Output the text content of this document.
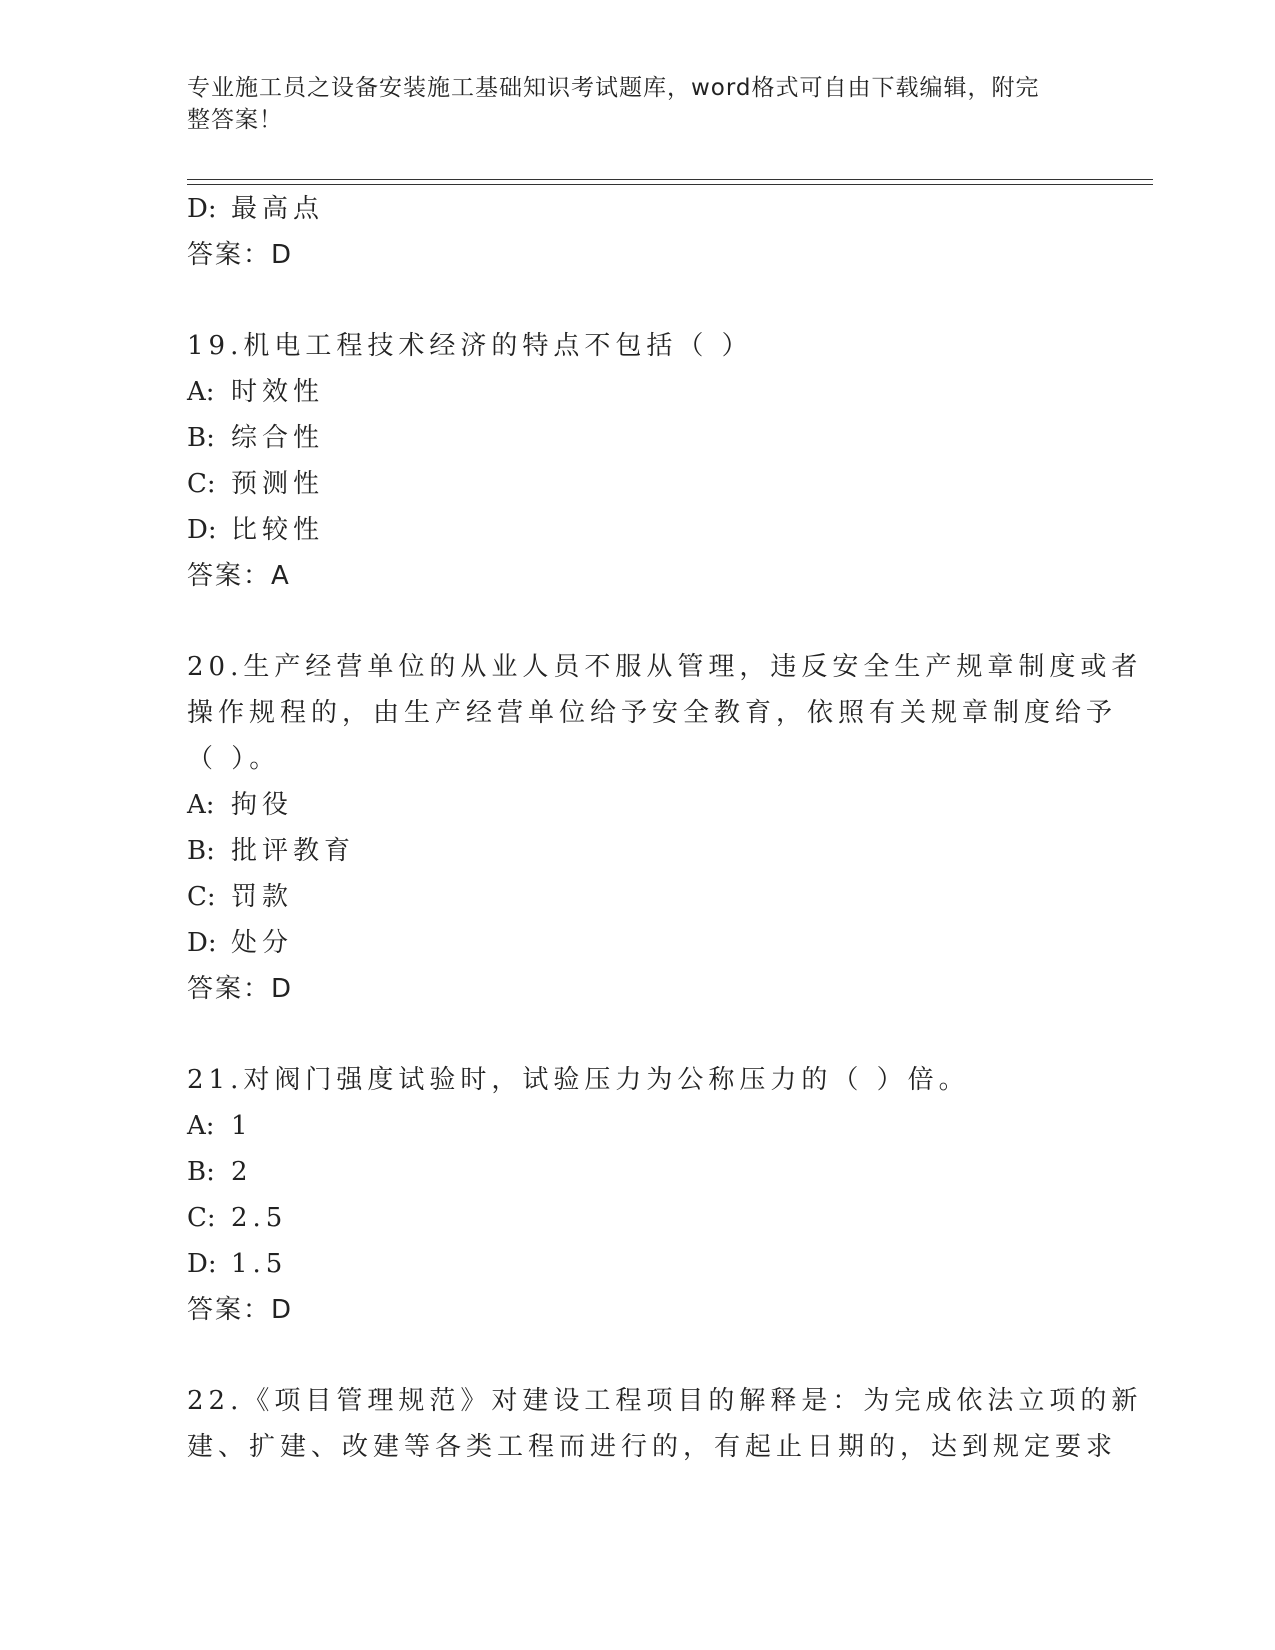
专业施工员之设备安装施工基础知识考试题库，word格式可自由下载编辑，附完
整答案！
D: 最高点
答案：D
19.机电工程技术经济的特点不包括（ ）
A: 时效性
B: 综合性
C: 预测性
D: 比较性
答案：A
20.生产经营单位的从业人员不服从管理，违反安全生产规章制度或者
操作规程的，由生产经营单位给予安全教育，依照有关规章制度给予
（ ）。
A: 拘役
B: 批评教育
C: 罚款
D: 处分
答案：D
21.对阀门强度试验时，试验压力为公称压力的（ ）倍。
A: 1
B: 2
C: 2.5
D: 1.5
答案：D
22.《项目管理规范》对建设工程项目的解释是：为完成依法立项的新
建、扩建、改建等各类工程而进行的，有起止日期的，达到规定要求
